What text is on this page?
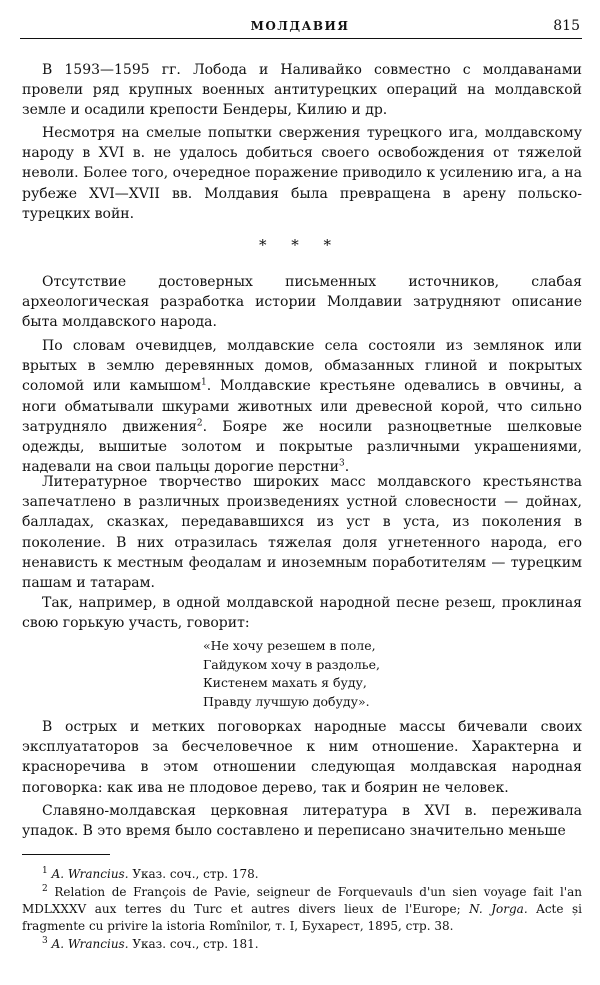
МОЛДАВИЯ	815

В 1593—1595 гг. Лобода и Наливайко совместно с молдаванами провели ряд крупных военных антитурецких операций на молдавской земле и осадили крепости Бендеры, Килию и др.

Несмотря на смелые попытки свержения турецкого ига, молдавскому народу в XVI в. не удалось добиться своего освобождения от тяжелой неволи. Более того, очередное поражение приводило к усилению ига, а на рубеже XVI—XVII вв. Молдавия была превращена в арену польско-турецких войн.

* * *

Отсутствие достоверных письменных источников, слабая археологическая разработка истории Молдавии затрудняют описание быта молдавского народа.

По словам очевидцев, молдавские села состояли из землянок или врытых в землю деревянных домов, обмазанных глиной и покрытых соломой или камышом$^1$. Молдавские крестьяне одевались в овчины, а ноги обматывали шкурами животных или древесной корой, что сильно затрудняло движения$^2$. Бояре же носили разноцветные шелковые одежды, вышитые золотом и покрытые различными украшениями, надевали на свои пальцы дорогие перстни$^3$.

Литературное творчество широких масс молдавского крестьянства запечатлено в различных произведениях устной словесности — дойнах, балладах, сказках, передававшихся из уст в уста, из поколения в поколение. В них отразилась тяжелая доля угнетенного народа, его ненависть к местным феодалам и иноземным поработителям — турецким пашам и татарам.

Так, например, в одной молдавской народной песне резеш, проклиная свою горькую участь, говорит:

«Не хочу резешем в поле,
Гайдуком хочу в раздолье,
Кистенем махать я буду,
Правду лучшую добуду».

В острых и метких поговорках народные массы бичевали своих эксплуататоров за бесчеловечное к ним отношение. Характерна и красноречива в этом отношении следующая молдавская народная поговорка: как ива не плодовое дерево, так и боярин не человек.

Славяно-молдавская церковная литература в XVI в. переживала упадок. В это время было составлено и переписано значительно меньше

$^1$ A. Wrancius. Указ. соч., стр. 178.

$^2$ Relation de François de Pavie, seigneur de Forquevauls d'un sien voyage fait l'an MDLXXXV aux terres du Turc et autres divers lieux de l'Europe; N. Jorga. Acte și fragmente cu privire la istoria Romînilor, т. I, Бухарест, 1895, стр. 38.

$^3$ A. Wrancius. Указ. соч., стр. 181.
